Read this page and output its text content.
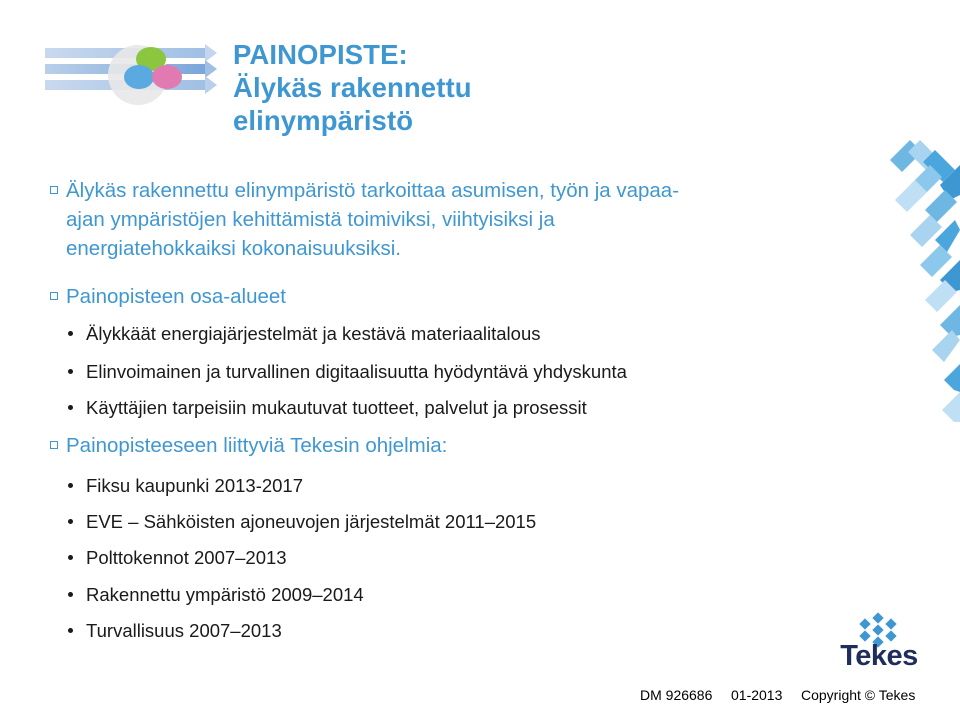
PAINOPISTE:
Älykäs rakennettu
elinympäristö
Älykäs rakennettu elinympäristö tarkoittaa asumisen, työn ja vapaa-
ajan ympäristöjen kehittämistä toimiviksi, viihtyisiksi ja
energiatehokkaiksi kokonaisuuksiksi.
Painopisteen osa-alueet
Älykkäät energiajärjestelmät ja kestävä materiaalitalous
Elinvoimainen ja turvallinen digitaalisuutta hyödyntävä yhdyskunta
Käyttäjien tarpeisiin mukautuvat tuotteet, palvelut ja prosessit
Painopisteeseen liittyviä Tekesin ohjelmia:
Fiksu kaupunki 2013-2017
EVE – Sähköisten ajoneuvojen järjestelmät 2011–2015
Polttokennot 2007–2013
Rakennettu ympäristö 2009–2014
Turvallisuus 2007–2013
Tekes
DM 926686 01-2013 Copyright © Tekes
